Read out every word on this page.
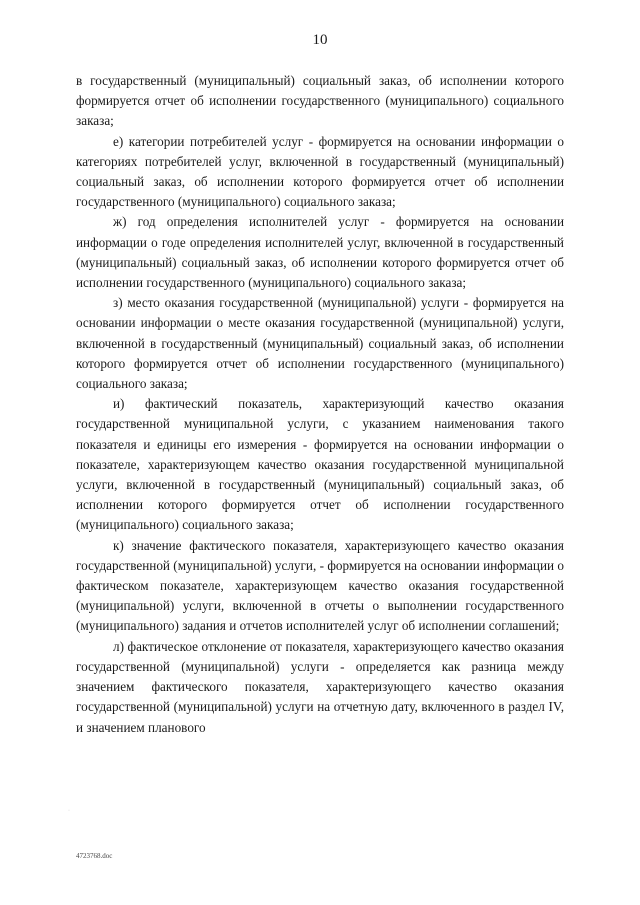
10

в государственный (муниципальный) социальный заказ, об исполнении которого формируется отчет об исполнении государственного (муниципального) социального заказа;

е) категории потребителей услуг - формируется на основании информации о категориях потребителей услуг, включенной в государственный (муниципальный) социальный заказ, об исполнении которого формируется отчет об исполнении государственного (муниципального) социального заказа;

ж) год определения исполнителей услуг - формируется на основании информации о годе определения исполнителей услуг, включенной в государственный (муниципальный) социальный заказ, об исполнении которого формируется отчет об исполнении государственного (муниципального) социального заказа;

з) место оказания государственной (муниципальной) услуги - формируется на основании информации о месте оказания государственной (муниципальной) услуги, включенной в государственный (муниципальный) социальный заказ, об исполнении которого формируется отчет об исполнении государственного (муниципального) социального заказа;

и) фактический показатель, характеризующий качество оказания государственной муниципальной услуги, с указанием наименования такого показателя и единицы его измерения - формируется на основании информации о показателе, характеризующем качество оказания государственной муниципальной услуги, включенной в государственный (муниципальный) социальный заказ, об исполнении которого формируется отчет об исполнении государственного (муниципального) социального заказа;

к) значение фактического показателя, характеризующего качество оказания государственной (муниципальной) услуги, - формируется на основании информации о фактическом показателе, характеризующем качество оказания государственной (муниципальной) услуги, включенной в отчеты о выполнении государственного (муниципального) задания и отчетов исполнителей услуг об исполнении соглашений;

л) фактическое отклонение от показателя, характеризующего качество оказания государственной (муниципальной) услуги - определяется как разница между значением фактического показателя, характеризующего качество оказания государственной (муниципальной) услуги на отчетную дату, включенного в раздел IV, и значением планового

·
4723768.doc
